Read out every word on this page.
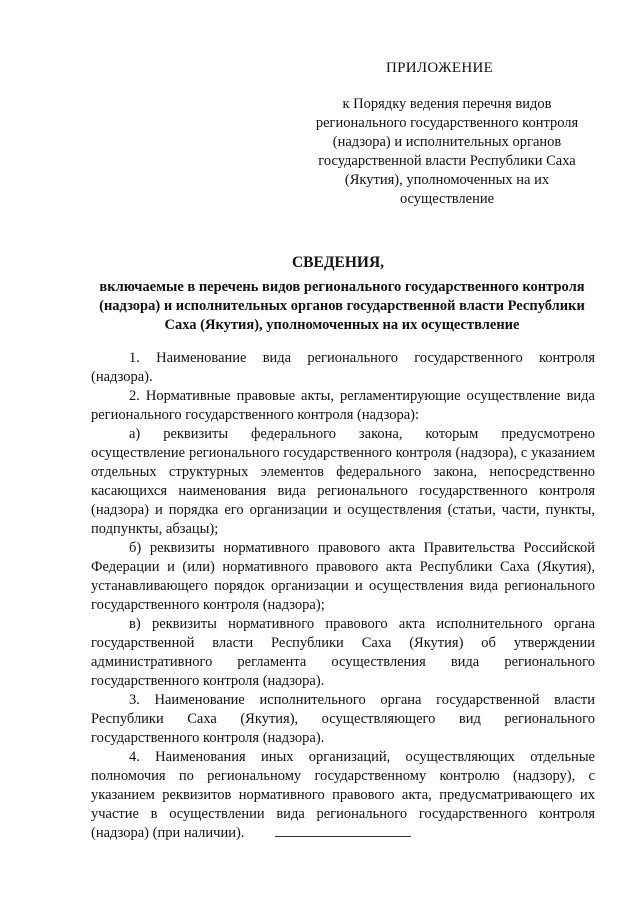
ПРИЛОЖЕНИЕ
к Порядку ведения перечня видов регионального государственного контроля (надзора) и исполнительных органов государственной власти Республики Саха (Якутия), уполномоченных на их осуществление
СВЕДЕНИЯ,
включаемые в перечень видов регионального государственного контроля (надзора) и исполнительных органов государственной власти Республики Саха (Якутия), уполномоченных на их осуществление

1. Наименование вида регионального государственного контроля (надзора).

2. Нормативные правовые акты, регламентирующие осуществление вида регионального государственного контроля (надзора):

а) реквизиты федерального закона, которым предусмотрено осуществление регионального государственного контроля (надзора), с указанием отдельных структурных элементов федерального закона, непосредственно касающихся наименования вида регионального государственного контроля (надзора) и порядка его организации и осуществления (статьи, части, пункты, подпункты, абзацы);

б) реквизиты нормативного правового акта Правительства Российской Федерации и (или) нормативного правового акта Республики Саха (Якутия), устанавливающего порядок организации и осуществления вида регионального государственного контроля (надзора);

в) реквизиты нормативного правового акта исполнительного органа государственной власти Республики Саха (Якутия) об утверждении административного регламента осуществления вида регионального государственного контроля (надзора).

3. Наименование исполнительного органа государственной власти Республики Саха (Якутия), осуществляющего вид регионального государственного контроля (надзора).

4. Наименования иных организаций, осуществляющих отдельные полномочия по региональному государственному контролю (надзору), с указанием реквизитов нормативного правового акта, предусматривающего их участие в осуществлении вида регионального государственного контроля (надзора) (при наличии).
